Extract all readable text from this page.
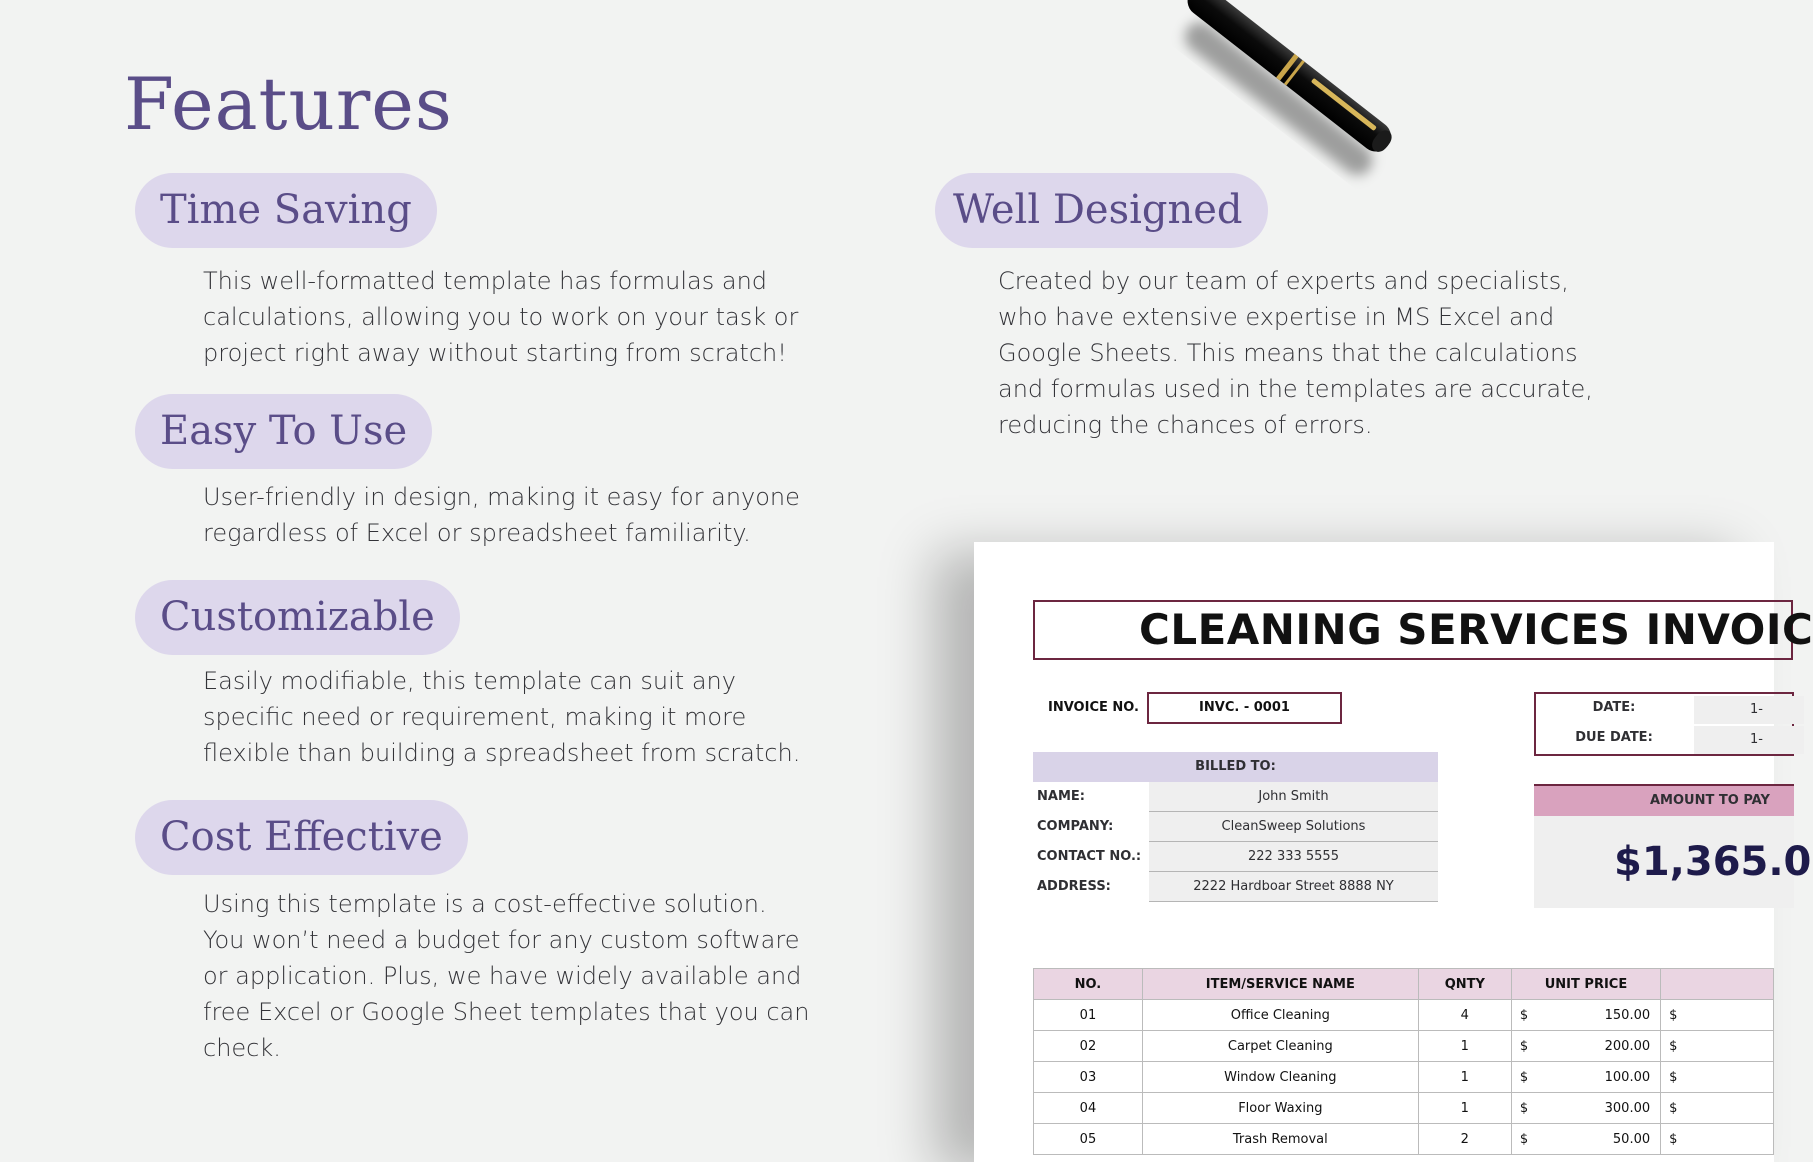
Features
Time Saving

This well-formatted template has formulas and calculations, allowing you to work on your task or project right away without starting from scratch!

Easy To Use

User-friendly in design, making it easy for anyone regardless of Excel or spreadsheet familiarity.

Customizable

Easily modifiable, this template can suit any specific need or requirement, making it more flexible than building a spreadsheet from scratch.

Cost Effective

Using this template is a cost-effective solution. You won’t need a budget for any custom software or application. Plus, we have widely available and free Excel or Google Sheet templates that you can check.

Well Designed

Created by our team of experts and specialists, who have extensive expertise in MS Excel and Google Sheets. This means that the calculations and formulas used in the templates are accurate, reducing the chances of errors.

CLEANING SERVICES INVOIC
INVOICE NO.	INVC. - 0001	DATE:	1-
DUE DATE:	1-
BILLED TO:
NAME:	John Smith
COMPANY:	CleanSweep Solutions
CONTACT NO.:	222 333 5555
ADDRESS:	2222 Hardboar Street 8888 NY
AMOUNT TO PAY
$1,365.0
NO.	ITEM/SERVICE NAME	QNTY	UNIT PRICE		
01	Office Cleaning	4	$	150.00	$
02	Carpet Cleaning	1	$	200.00	$
03	Window Cleaning	1	$	100.00	$
04	Floor Waxing	1	$	300.00	$
05	Trash Removal	2	$	50.00	$
